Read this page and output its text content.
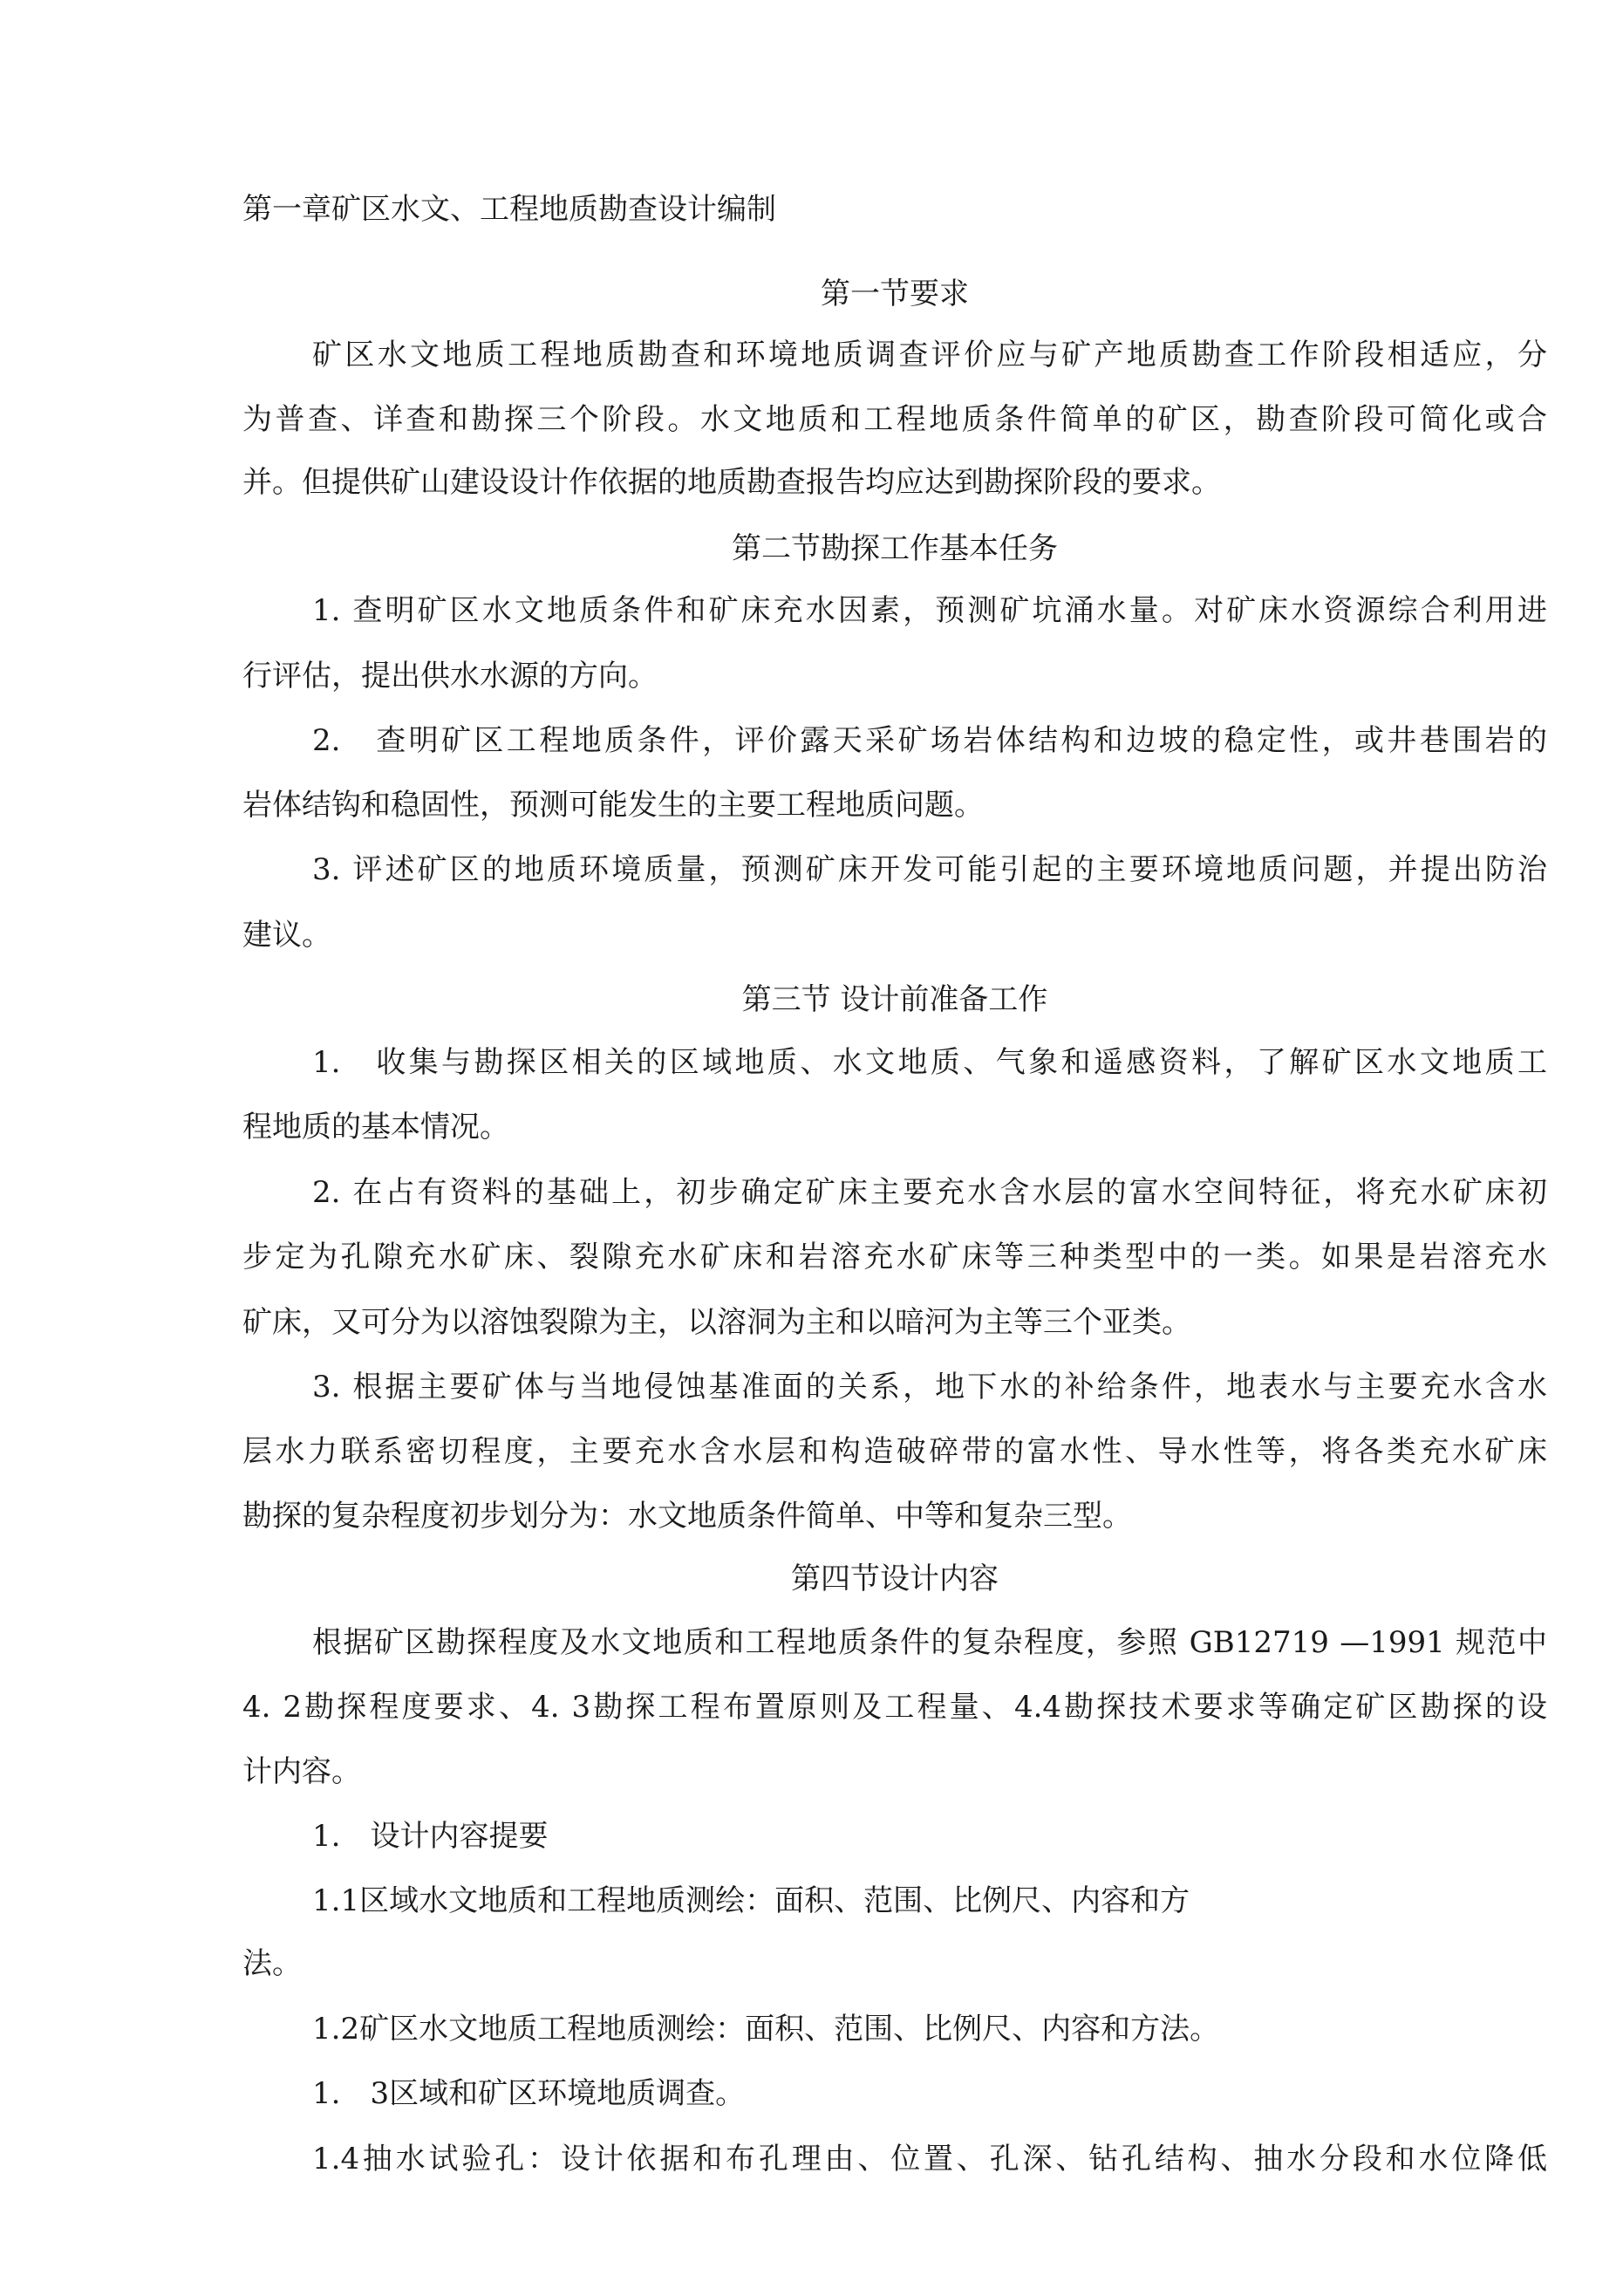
第一章矿区水文、工程地质勘查设计编制
第一节要求
矿区水文地质工程地质勘查和环境地质调查评价应与矿产地质勘查工作阶段相适应，分
为普查、详查和勘探三个阶段。水文地质和工程地质条件简单的矿区，勘查阶段可简化或合
并。但提供矿山建设设计作依据的地质勘查报告均应达到勘探阶段的要求。
第二节勘探工作基本任务
1. 查明矿区水文地质条件和矿床充水因素，预测矿坑涌水量。对矿床水资源综合利用进
行评估，提出供水水源的方向。
2.　查明矿区工程地质条件，评价露天采矿场岩体结构和边坡的稳定性，或井巷围岩的
岩体结钩和稳固性，预测可能发生的主要工程地质问题。
3. 评述矿区的地质环境质量，预测矿床开发可能引起的主要环境地质问题，并提出防治
建议。
第三节 设计前准备工作
1.　收集与勘探区相关的区域地质、水文地质、气象和遥感资料，了解矿区水文地质工
程地质的基本情况。
2. 在占有资料的基础上，初步确定矿床主要充水含水层的富水空间特征，将充水矿床初
步定为孔隙充水矿床、裂隙充水矿床和岩溶充水矿床等三种类型中的一类。如果是岩溶充水
矿床，又可分为以溶蚀裂隙为主，以溶洞为主和以暗河为主等三个亚类。
3. 根据主要矿体与当地侵蚀基准面的关系，地下水的补给条件，地表水与主要充水含水
层水力联系密切程度，主要充水含水层和构造破碎带的富水性、导水性等，将各类充水矿床
勘探的复杂程度初步划分为：水文地质条件简单、中等和复杂三型。
第四节设计内容
根据矿区勘探程度及水文地质和工程地质条件的复杂程度，参照 GB12719 —1991 规范中
4. 2勘探程度要求、4. 3勘探工程布置原则及工程量、4.4勘探技术要求等确定矿区勘探的设
计内容。
1.　设计内容提要
1.1区域水文地质和工程地质测绘：面积、范围、比例尺、内容和方
法。
1.2矿区水文地质工程地质测绘：面积、范围、比例尺、内容和方法。
1.　3区域和矿区环境地质调查。
1.4抽水试验孔：设计依据和布孔理由、位置、孔深、钻孔结构、抽水分段和水位降低
